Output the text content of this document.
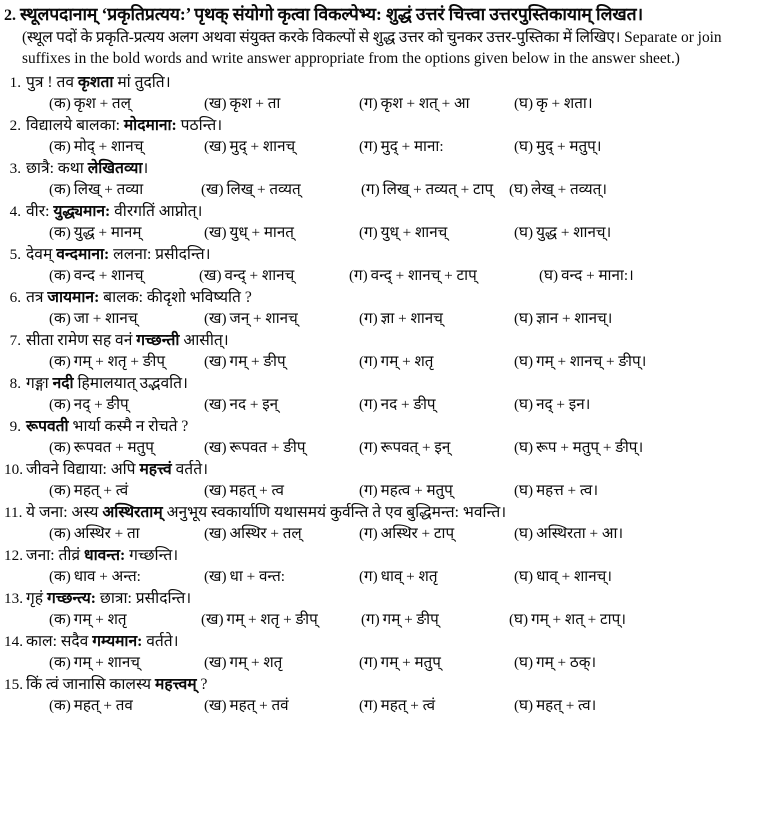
2. स्थूलपदानाम् ‘प्रकृतिप्रत्यय:’ पृथक् संयोगो कृत्वा विकल्पेभ्य: शुद्धं उत्तरं चित्त्वा उत्तरपुस्तिकायाम् लिखत।
(स्थूल पदों के प्रकृति-प्रत्यय अलग अथवा संयुक्त करके विकल्पों से शुद्ध उत्तर को चुनकर उत्तर-पुस्तिका में लिखिए। Separate or join suffixes in the bold words and write answer appropriate from the options given below in the answer sheet.)
1. पुत्र ! तव कृशता मां तुदति।
(क) कृश + तल्	(ख) कृश + ता	(ग) कृश + शत् + आ	(घ) कृ + शता।
2. विद्यालये बालका: मोदमाना: पठन्ति।
(क) मोद् + शानच्	(ख) मुद् + शानच्	(ग) मुद् + माना:	(घ) मुद् + मतुप्।
3. छात्रै: कथा लेखितव्या।
(क) लिख् + तव्या	(ख) लिख् + तव्यत्	(ग) लिख् + तव्यत् + टाप्	(घ) लेख् + तव्यत्।
4. वीर: युद्ध्यमान: वीरगतिं आप्नोत्।
(क) युद्ध + मानम्	(ख) युध् + मानत्	(ग) युध् + शानच्	(घ) युद्ध + शानच्।
5. देवम् वन्दमाना: ललना: प्रसीदन्ति।
(क) वन्द + शानच्	(ख) वन्द् + शानच्	(ग) वन्द् + शानच् + टाप्	(घ) वन्द + माना:।
6. तत्र जायमान: बालक: कीदृशो भविष्यति ?
(क) जा + शानच्	(ख) जन् + शानच्	(ग) ज्ञा + शानच्	(घ) ज्ञान + शानच्।
7. सीता रामेण सह वनं गच्छन्ती आसीत्।
(क) गम् + शतृ + ङीप्	(ख) गम् + ङीप्	(ग) गम् + शतृ	(घ) गम् + शानच् + ङीप्।
8. गङ्गा नदी हिमालयात् उद्भवति।
(क) नद् + ङीप्	(ख) नद + इन्	(ग) नद + ङीप्	(घ) नद् + इन।
9. रूपवती भार्या कस्मै न रोचते ?
(क) रूपवत + मतुप्	(ख) रूपवत + ङीप्	(ग) रूपवत् + इन्	(घ) रूप + मतुप् + ङीप्।
10. जीवने विद्याया: अपि महत्त्वं वर्तते।
(क) महत् + त्वं	(ख) महत् + त्व	(ग) महत्व + मतुप्	(घ) महत्त + त्व।
11. ये जना: अस्य अस्थिरताम् अनुभूय स्वकार्याणि यथासमयं कुर्वन्ति ते एव बुद्धिमन्त: भवन्ति।
(क) अस्थिर + ता	(ख) अस्थिर + तल्	(ग) अस्थिर + टाप्	(घ) अस्थिरता + आ।
12. जना: तीव्रं धावन्त: गच्छन्ति।
(क) धाव + अन्त:	(ख) धा + वन्त:	(ग) धाव् + शतृ	(घ) धाव् + शानच्।
13. गृहं गच्छन्त्य: छात्रा: प्रसीदन्ति।
(क) गम् + शतृ	(ख) गम् + शतृ + ङीप्	(ग) गम् + ङीप्	(घ) गम् + शत् + टाप्।
14. काल: सदैव गम्यमान: वर्तते।
(क) गम् + शानच्	(ख) गम् + शतृ	(ग) गम् + मतुप्	(घ) गम् + ठक्।
15. किं त्वं जानासि कालस्य महत्त्वम् ?
(क) महत् + तव	(ख) महत् + तवं	(ग) महत् + त्वं	(घ) महत् + त्व।
